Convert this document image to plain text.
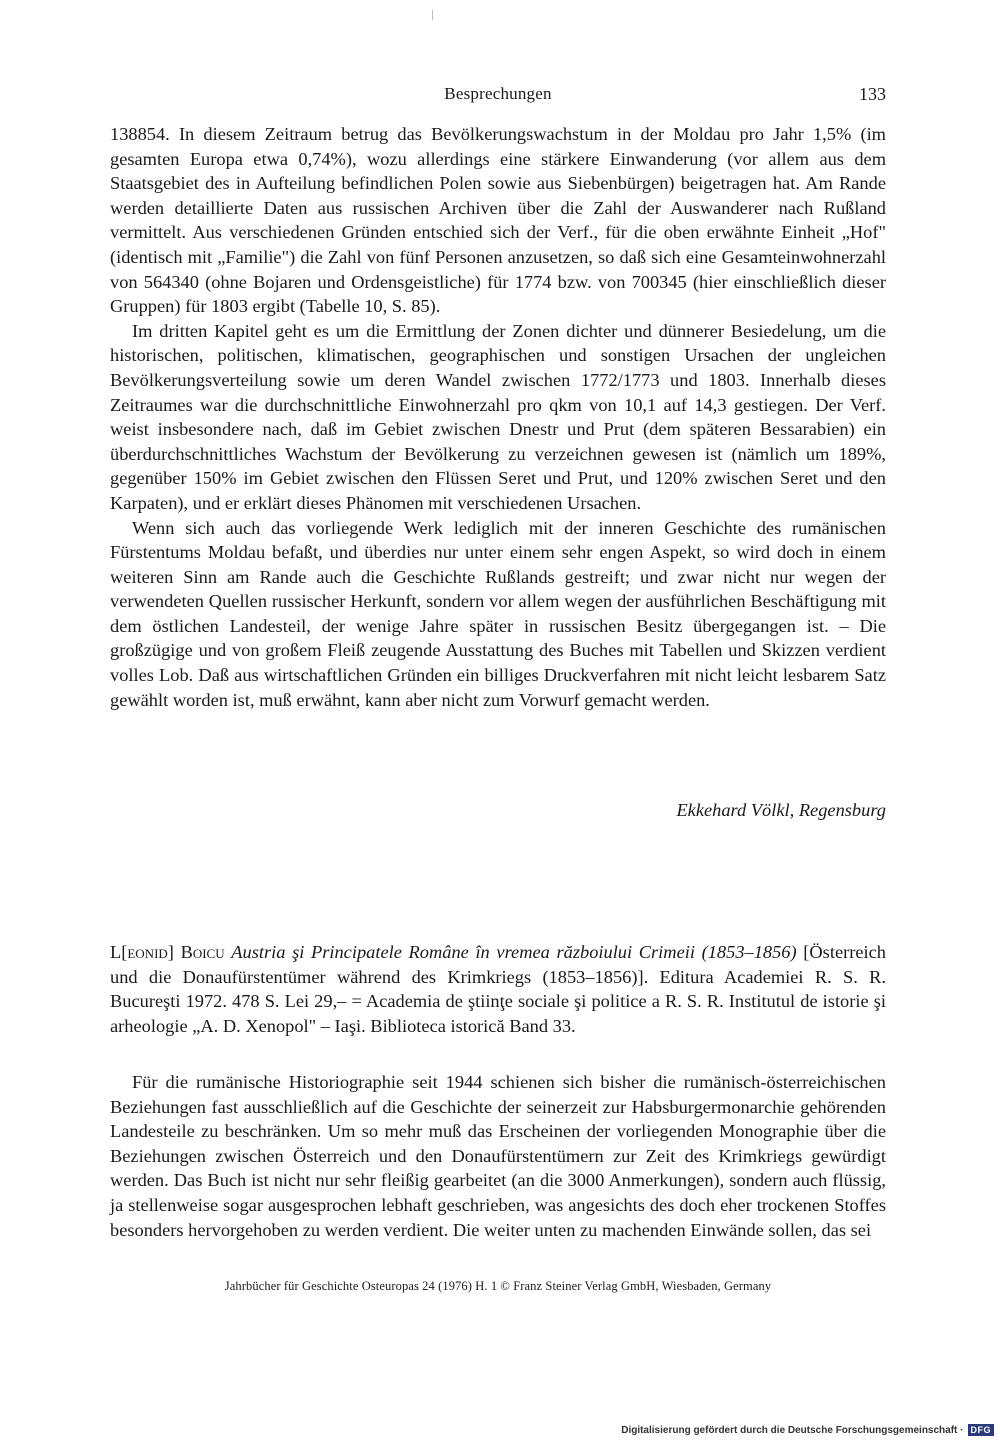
Besprechungen	133

138854. In diesem Zeitraum betrug das Bevölkerungswachstum in der Moldau pro Jahr 1,5% (im gesamten Europa etwa 0,74%), wozu allerdings eine stärkere Einwanderung (vor allem aus dem Staatsgebiet des in Aufteilung befindlichen Polen sowie aus Siebenbürgen) beigetragen hat. Am Rande werden detaillierte Daten aus russischen Archiven über die Zahl der Auswanderer nach Rußland vermittelt. Aus verschiedenen Gründen entschied sich der Verf., für die oben erwähnte Einheit „Hof" (identisch mit „Familie") die Zahl von fünf Personen anzusetzen, so daß sich eine Gesamteinwohnerzahl von 564340 (ohne Bojaren und Ordensgeistliche) für 1774 bzw. von 700345 (hier einschließlich dieser Gruppen) für 1803 ergibt (Tabelle 10, S. 85).

Im dritten Kapitel geht es um die Ermittlung der Zonen dichter und dünnerer Besiedelung, um die historischen, politischen, klimatischen, geographischen und sonstigen Ursachen der ungleichen Bevölkerungsverteilung sowie um deren Wandel zwischen 1772/1773 und 1803. Innerhalb dieses Zeitraumes war die durchschnittliche Einwohnerzahl pro qkm von 10,1 auf 14,3 gestiegen. Der Verf. weist insbesondere nach, daß im Gebiet zwischen Dnestr und Prut (dem späteren Bessarabien) ein überdurchschnittliches Wachstum der Bevölkerung zu verzeichnen gewesen ist (nämlich um 189%, gegenüber 150% im Gebiet zwischen den Flüssen Seret und Prut, und 120% zwischen Seret und den Karpaten), und er erklärt dieses Phänomen mit verschiedenen Ursachen.

Wenn sich auch das vorliegende Werk lediglich mit der inneren Geschichte des rumänischen Fürstentums Moldau befaßt, und überdies nur unter einem sehr engen Aspekt, so wird doch in einem weiteren Sinn am Rande auch die Geschichte Rußlands gestreift; und zwar nicht nur wegen der verwendeten Quellen russischer Herkunft, sondern vor allem wegen der ausführlichen Beschäftigung mit dem östlichen Landesteil, der wenige Jahre später in russischen Besitz übergegangen ist. – Die großzügige und von großem Fleiß zeugende Ausstattung des Buches mit Tabellen und Skizzen verdient volles Lob. Daß aus wirtschaftlichen Gründen ein billiges Druckverfahren mit nicht leicht lesbarem Satz gewählt worden ist, muß erwähnt, kann aber nicht zum Vorwurf gemacht werden.

Ekkehard Völkl, Regensburg
L[eonid] Boicu Austria şi Principatele Române în vremea războiului Crimeii (1853–1856) [Österreich und die Donaufürstentümer während des Krimkriegs (1853–1856)]. Editura Academiei R. S. R. Bucureşti 1972. 478 S. Lei 29,– = Academia de ştiinţe sociale şi politice a R. S. R. Institutul de istorie şi arheologie „A. D. Xenopol" – Iaşi. Biblioteca istorică Band 33.

Für die rumänische Historiographie seit 1944 schienen sich bisher die rumänisch-österreichischen Beziehungen fast ausschließlich auf die Geschichte der seinerzeit zur Habsburgermonarchie gehörenden Landesteile zu beschränken. Um so mehr muß das Erscheinen der vorliegenden Monographie über die Beziehungen zwischen Österreich und den Donaufürstentümern zur Zeit des Krimkriegs gewürdigt werden. Das Buch ist nicht nur sehr fleißig gearbeitet (an die 3000 Anmerkungen), sondern auch flüssig, ja stellenweise sogar ausgesprochen lebhaft geschrieben, was angesichts des doch eher trockenen Stoffes besonders hervorgehoben zu werden verdient. Die weiter unten zu machenden Einwände sollen, das sei

Jahrbücher für Geschichte Osteuropas 24 (1976) H. 1 © Franz Steiner Verlag GmbH, Wiesbaden, Germany
Digitalisierung gefördert durch die Deutsche Forschungsgemeinschaft · DFG
